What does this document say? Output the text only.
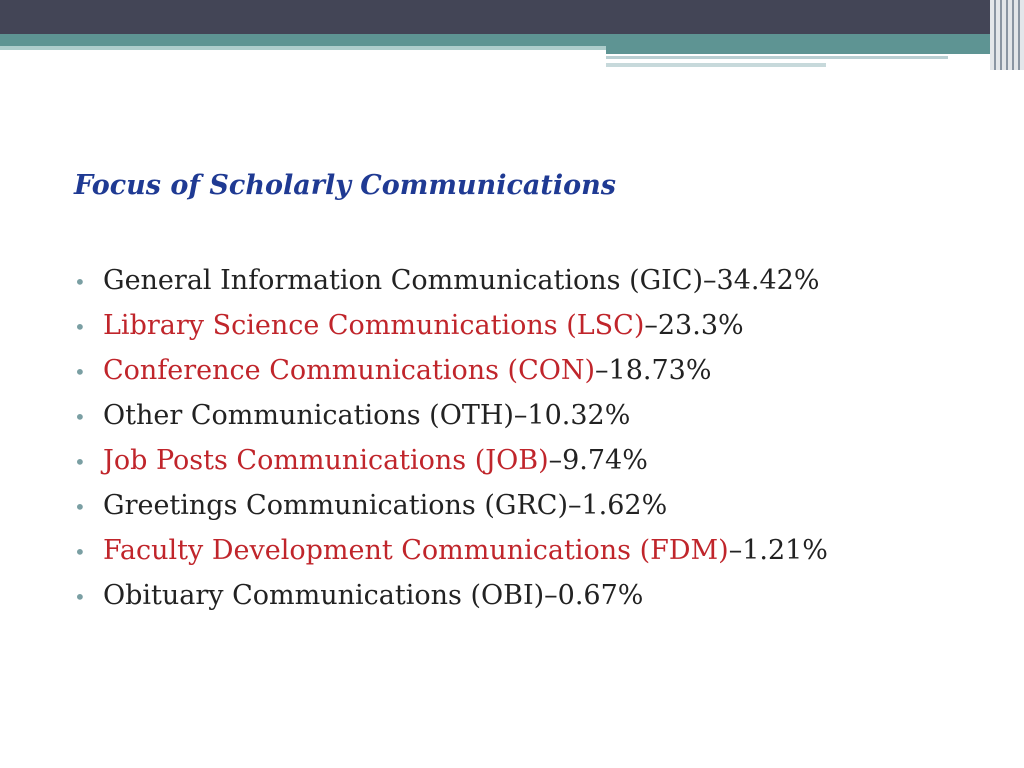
Focus of Scholarly Communications
• General Information Communications (GIC) – 34.42%
• Library Science Communications (LSC) – 23.3%
• Conference Communications (CON) – 18.73%
• Other Communications (OTH) – 10.32%
• Job Posts Communications (JOB) – 9.74%
• Greetings Communications (GRC) – 1.62%
• Faculty Development Communications (FDM) – 1.21%
• Obituary Communications (OBI) – 0.67%
